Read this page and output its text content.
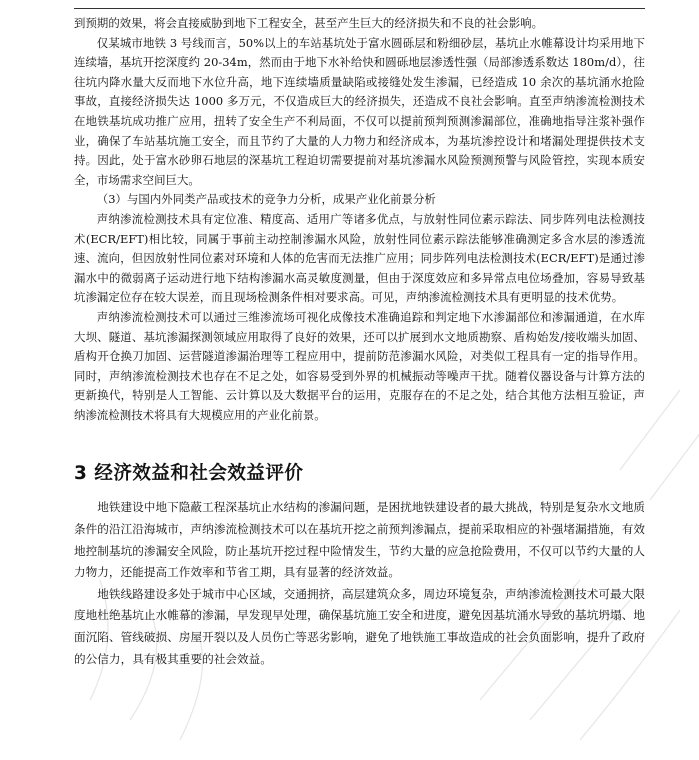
到预期的效果，将会直接威胁到地下工程安全，甚至产生巨大的经济损失和不良的社会影响。

仅某城市地铁 3 号线而言，50%以上的车站基坑处于富水圆砾层和粉细砂层，基坑止水帷幕设计均采用地下连续墙，基坑开挖深度约 20-34m，然而由于地下水补给快和圆砾地层渗透性强（局部渗透系数达 180m/d），往往坑内降水量大反而地下水位升高，地下连续墙质量缺陷或接缝处发生渗漏，已经造成 10 余次的基坑涌水抢险事故，直接经济损失达 1000 多万元，不仅造成巨大的经济损失，还造成不良社会影响。直至声纳渗流检测技术在地铁基坑成功推广应用，扭转了安全生产不利局面，不仅可以提前预判预测渗漏部位，准确地指导注浆补强作业，确保了车站基坑施工安全，而且节约了大量的人力物力和经济成本，为基坑渗控设计和堵漏处理提供技术支持。因此，处于富水砂卵石地层的深基坑工程迫切需要提前对基坑渗漏水风险预测预警与风险管控，实现本质安全，市场需求空间巨大。

（3）与国内外同类产品或技术的竞争力分析，成果产业化前景分析

声纳渗流检测技术具有定位准、精度高、适用广等诸多优点，与放射性同位素示踪法、同步阵列电法检测技术(ECR/EFT)相比较，同属于事前主动控制渗漏水风险，放射性同位素示踪法能够准确测定多含水层的渗透流速、流向，但因放射性同位素对环境和人体的危害而无法推广应用；同步阵列电法检测技术(ECR/EFT)是通过渗漏水中的微弱离子运动进行地下结构渗漏水高灵敏度测量，但由于深度效应和多异常点电位场叠加，容易导致基坑渗漏定位存在较大误差，而且现场检测条件相对要求高。可见，声纳渗流检测技术具有更明显的技术优势。

声纳渗流检测技术可以通过三维渗流场可视化成像技术准确追踪和判定地下水渗漏部位和渗漏通道，在水库大坝、隧道、基坑渗漏探测领域应用取得了良好的效果，还可以扩展到水文地质勘察、盾构始发/接收端头加固、盾构开仓换刀加固、运营隧道渗漏治理等工程应用中，提前防范渗漏水风险，对类似工程具有一定的指导作用。同时，声纳渗流检测技术也存在不足之处，如容易受到外界的机械振动等噪声干扰。随着仪器设备与计算方法的更新换代，特别是人工智能、云计算以及大数据平台的运用，克服存在的不足之处，结合其他方法相互验证，声纳渗流检测技术将具有大规模应用的产业化前景。

3 经济效益和社会效益评价

地铁建设中地下隐蔽工程深基坑止水结构的渗漏问题，是困扰地铁建设者的最大挑战，特别是复杂水文地质条件的沿江沿海城市，声纳渗流检测技术可以在基坑开挖之前预判渗漏点，提前采取相应的补强堵漏措施，有效地控制基坑的渗漏安全风险，防止基坑开挖过程中险情发生，节约大量的应急抢险费用，不仅可以节约大量的人力物力，还能提高工作效率和节省工期，具有显著的经济效益。

地铁线路建设多处于城市中心区域，交通拥挤，高层建筑众多，周边环境复杂，声纳渗流检测技术可最大限度地杜绝基坑止水帷幕的渗漏，早发现早处理，确保基坑施工安全和进度，避免因基坑涌水导致的基坑坍塌、地面沉陷、管线破损、房屋开裂以及人员伤亡等恶劣影响，避免了地铁施工事故造成的社会负面影响，提升了政府的公信力，具有极其重要的社会效益。
